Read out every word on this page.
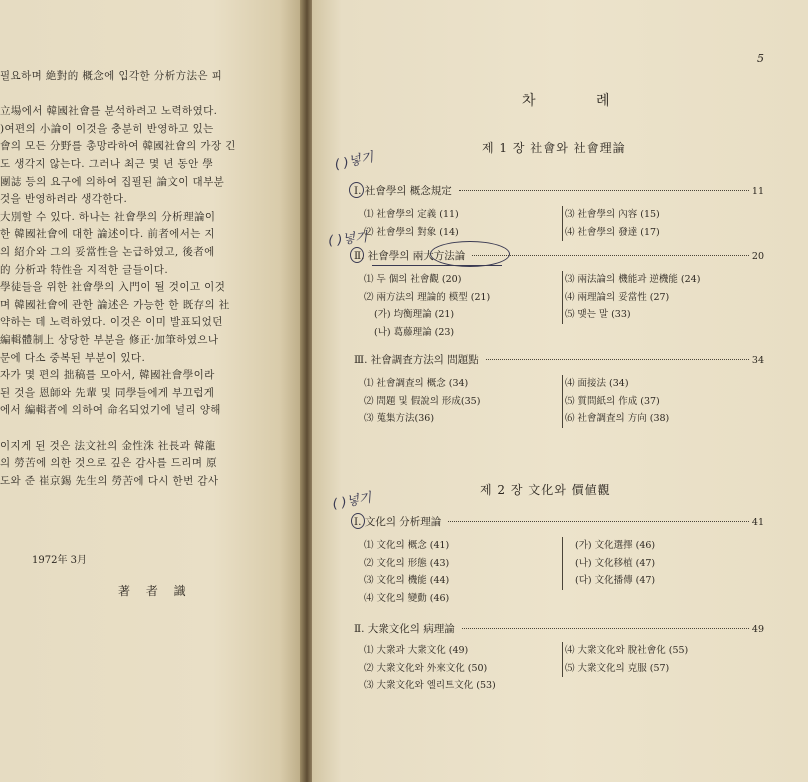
필요하며 絶對的 概念에 입각한 分析方法은 피
立場에서 韓國社會를 분석하려고 노력하였다.
)여편의 小論이 이것을 충분히 반영하고 있는
會의 모든 分野를 총망라하여 韓國社會의 가장 긴
도 생각지 않는다. 그러나 최근 몇 년 동안 學
團誌 등의 요구에 의하여 집필된 論文이 대부분
것을 반영하려라 생각한다.
大別할 수 있다. 하나는 社會學의 分析理論이
한 韓國社會에 대한 論述이다. 前者에서는 지
의 紹介와 그의 妥當性을 논급하였고, 後者에
的 分析과 特性을 지적한 글들이다.
學徒들을 위한 社會學의 入門이 될 것이고 이것
며 韓國社會에 관한 論述은 가능한 한 既存의 社
약하는 데 노력하였다. 이것은 이미 발표되었던
編輯體制上 상당한 부분을 修正·加筆하였으나
문에 다소 중복된 부분이 있다.
자가 몇 편의 拙稿를 모아서, 韓國社會學이라
된 것을 恩師와 先輩 및 同學들에게 부끄럽게
에서 編輯者에 의하여 命名되었기에 널리 양해
이지게 된 것은 法文社의 金性洙 社長과 韓龍
의 勞苦에 의한 것으로 깊은 감사를 드리며 原
도와 준 崔京錫 先生의 勞苦에 다시 한번 감사
1972年 3月
著 者 識
5
차 례
제 1 장 社會와 社會理論
( )넣기
( )넣기
( )넣기
Ⅰ. 社會學의 概念規定	11
⑴ 社會學의 定義 (11)
⑵ 社會學의 對象 (14)
⑶ 社會學의 內容 (15)
⑷ 社會學의 發達 (17)
Ⅱ. 社會學의 兩大方法論	20
⑴ 두 個의 社會觀 (20)
⑵ 兩方法의 理論的 模型 (21)
(가) 均衡理論 (21)
(나) 葛藤理論 (23)
⑶ 兩法論의 機能과 逆機能 (24)
⑷ 兩理論의 妥當性 (27)
⑸ 맺는 말 (33)
Ⅲ. 社會調査方法의 問題點	34
⑴ 社會調査의 概念 (34)
⑵ 問題 및 假說의 形成(35)
⑶ 蒐集方法(36)
⑷ 面接法 (34)
⑸ 質問紙의 作成 (37)
⑹ 社會調査의 方向 (38)
제 2 장 文化와 價値觀
Ⅰ. 文化의 分析理論	41
⑴ 文化의 概念 (41)
⑵ 文化의 形態 (43)
⑶ 文化의 機能 (44)
⑷ 文化의 變動 (46)
(가) 文化選擇 (46)
(나) 文化移植 (47)
(다) 文化播傳 (47)
Ⅱ. 大衆文化의 病理論	49
⑴ 大衆과 大衆文化 (49)
⑵ 大衆文化와 外來文化 (50)
⑶ 大衆文化와 엘리트文化 (53)
⑷ 大衆文化와 脫社會化 (55)
⑸ 大衆文化의 克服 (57)
